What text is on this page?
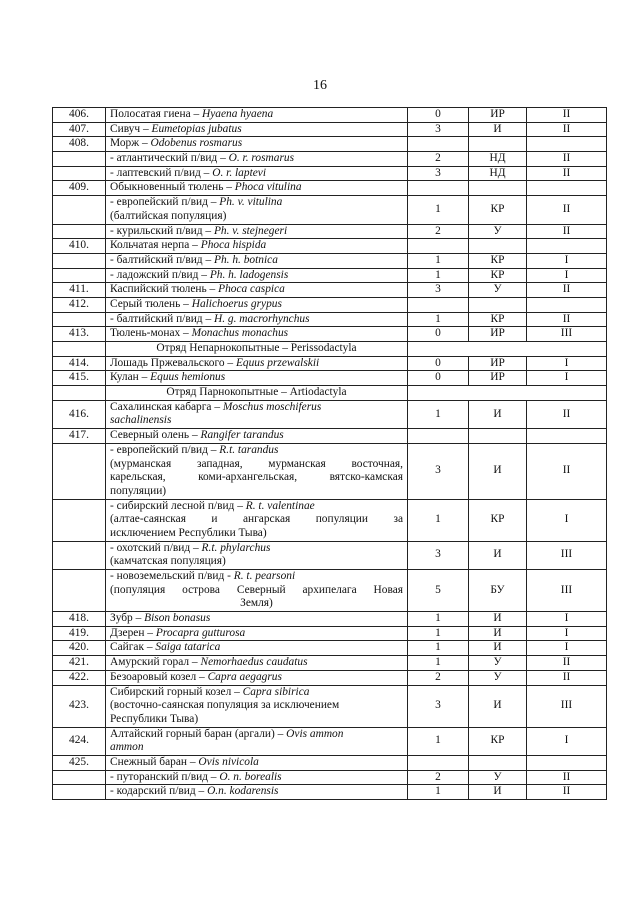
16
406.	Полосатая гиена – Hyaena hyaena	0	ИР	II
407.	Сивуч – Eumetopias jubatus	3	И	II
408.	Морж – Odobenus rosmarus			

	- атлантический п/вид – O. r. rosmarus	2	НД	II

	- лаптевский п/вид – O. r. laptevi	3	НД	II
409.	Обыкновенный тюлень – Phoca vitulina			

	- европейский п/вид – Ph. v. vitulina
(балтийская популяция)	1	КР	II

	- курильский п/вид – Ph. v. stejnegeri	2	У	II
410.	Кольчатая нерпа – Phoca hispida			

	- балтийский п/вид – Ph. h. botnica	1	КР	I

	- ладожский п/вид – Ph. h. ladogensis	1	КР	I
411.	Каспийский тюлень – Phoca caspica	3	У	II
412.	Серый тюлень – Halichoerus grypus			

	- балтийский п/вид – H. g. macrorhynchus	1	КР	II
413.	Тюлень-монах – Monachus monachus	0	ИР	III
	Отряд Непарнокопытные – Perissodactyla			
414.	Лошадь Пржевальского – Equus przewalskii	0	ИР	I
415.	Кулан – Equus hemionus	0	ИР	I
	Отряд Парнокопытные – Artiodactyla			
416.	Сахалинская кабарга – Moschus moschiferus
sachalinensis	1	И	II
417.	Северный олень – Rangifer tarandus			

	- европейский п/вид – R.t. tarandus
(мурманская западная, мурманская восточная,
карельская, коми-архангельская, вятско-камская
популяции)	3	И	II

	- сибирский лесной п/вид – R. t. valentinae
(алтае-саянская и ангарская популяции за
исключением Республики Тыва)	1	КР	I

	- охотский п/вид – R.t. phylarchus
(камчатская популяция)	3	И	III

	- новоземельский п/вид - R. t. pearsoni
(популяция острова Северный архипелага Новая
Земля)	5	БУ	III
418.	Зубр – Bison bonasus	1	И	I
419.	Дзерен – Procapra gutturosa	1	И	I
420.	Сайгак – Saiga tatarica	1	И	I
421.	Амурский горал – Nemorhaedus caudatus	1	У	II
422.	Безоаровый козел – Capra aegagrus	2	У	II
423.	Сибирский горный козел – Capra sibirica
(восточно-саянская популяция за исключением
Республики Тыва)	3	И	III
424.	Алтайский горный баран (аргали) – Ovis ammon
ammon	1	КР	I
425.	Снежный баран – Ovis nivicola			

	- путоранский п/вид – O. n. borealis	2	У	II

	- кодарский п/вид – O.n. kodarensis	1	И	II
